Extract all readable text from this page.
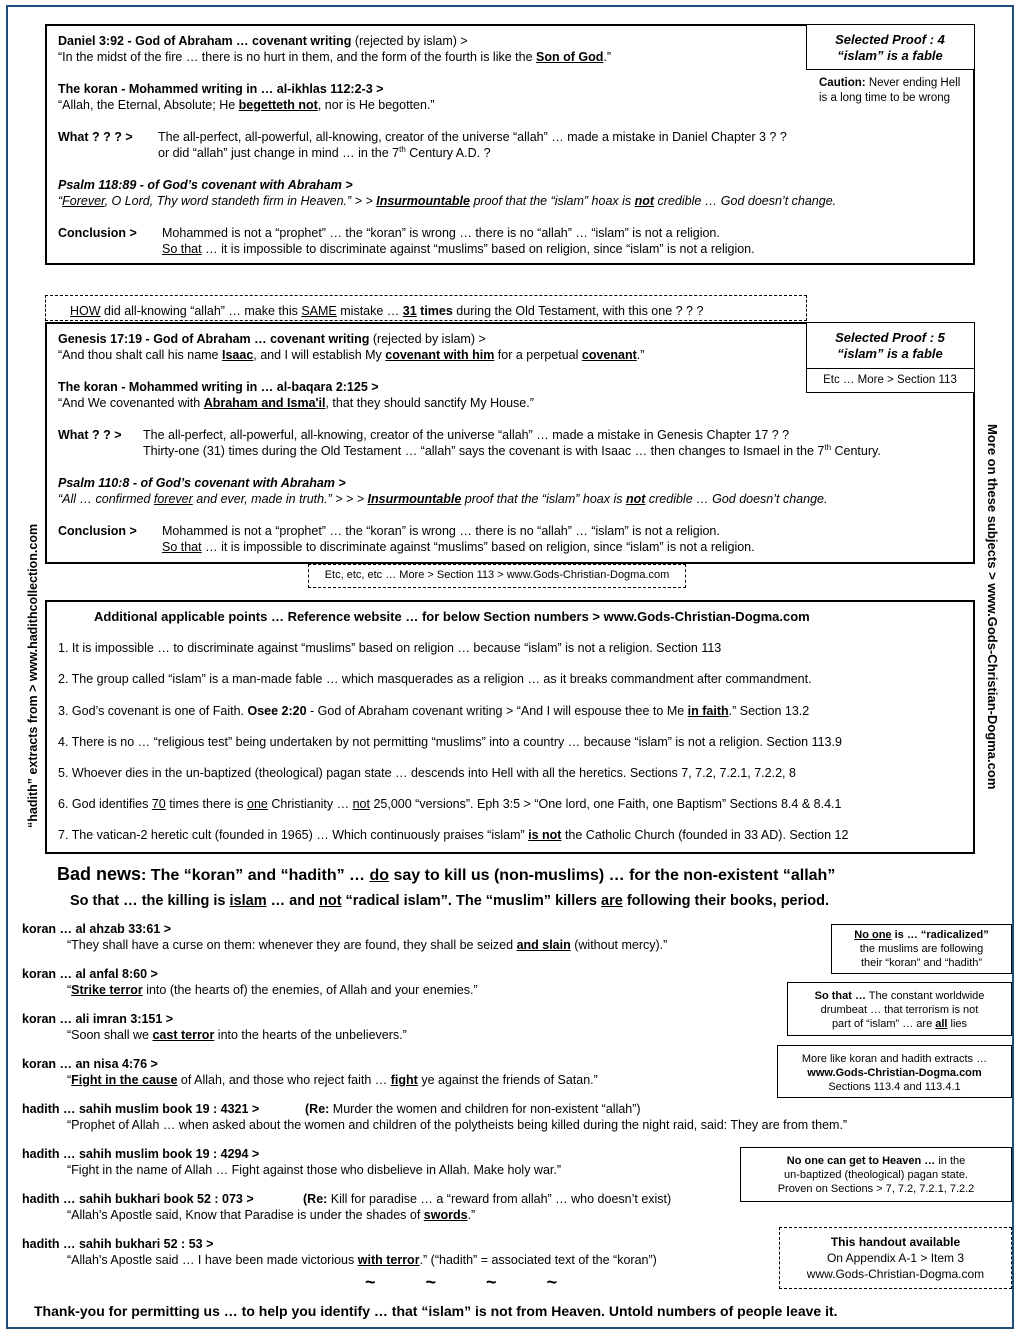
Selected Proof : 4
“islam” is a fable
Caution: Never ending Hell
is a long time to be wrong
Daniel 3:92 - God of Abraham … covenant writing (rejected by islam) >
“In the midst of the fire … there is no hurt in them, and the form of the fourth is like the Son of God.”
The koran - Mohammed writing in … al-ikhlas 112:2-3 >
“Allah, the Eternal, Absolute; He begetteth not, nor is He begotten.”
What ? ? ? > The all-perfect, all-powerful, all-knowing, creator of the universe “allah” … made a mistake in Daniel Chapter 3 ? ?
or did “allah” just change in mind … in the 7th Century A.D. ?
Psalm 118:89 - of God’s covenant with Abraham >
“Forever, O Lord, Thy word standeth firm in Heaven.” > > Insurmountable proof that the “islam” hoax is not credible … God doesn’t change.
Conclusion > Mohammed is not a “prophet” … the “koran” is wrong … there is no “allah” … “islam” is not a religion.
So that … it is impossible to discriminate against “muslims” based on religion, since “islam” is not a religion.
HOW did all-knowing “allah” … make this SAME mistake … 31 times during the Old Testament, with this one ? ? ?
Selected Proof : 5
“islam” is a fable
Etc … More > Section 113
Genesis 17:19 - God of Abraham … covenant writing (rejected by islam) >
“And thou shalt call his name Isaac, and I will establish My covenant with him for a perpetual covenant.”
The koran - Mohammed writing in … al-baqara 2:125 >
“And We covenanted with Abraham and Isma'il, that they should sanctify My House.”
What ? ? > The all-perfect, all-powerful, all-knowing, creator of the universe “allah” … made a mistake in Genesis Chapter 17 ? ?
Thirty-one (31) times during the Old Testament … “allah” says the covenant is with Isaac … then changes to Ismael in the 7th Century.
Psalm 110:8 - of God’s covenant with Abraham >
“All … confirmed forever and ever, made in truth.” > > > Insurmountable proof that the “islam” hoax is not credible … God doesn’t change.
Conclusion > Mohammed is not a “prophet” … the “koran” is wrong … there is no “allah” … “islam” is not a religion.
So that … it is impossible to discriminate against “muslims” based on religion, since “islam” is not a religion.
Etc, etc, etc … More > Section 113 > www.Gods-Christian-Dogma.com
Additional applicable points … Reference website … for below Section numbers > www.Gods-Christian-Dogma.com
1. It is impossible … to discriminate against “muslims” based on religion … because “islam” is not a religion. Section 113
2. The group called “islam” is a man-made fable … which masquerades as a religion … as it breaks commandment after commandment.
3. God’s covenant is one of Faith. Osee 2:20 - God of Abraham covenant writing > “And I will espouse thee to Me in faith.” Section 13.2
4. There is no … “religious test” being undertaken by not permitting “muslims” into a country … because “islam” is not a religion. Section 113.9
5. Whoever dies in the un-baptized (theological) pagan state … descends into Hell with all the heretics. Sections 7, 7.2, 7.2.1, 7.2.2, 8
6. God identifies 70 times there is one Christianity … not 25,000 “versions”. Eph 3:5 > “One lord, one Faith, one Baptism” Sections 8.4 & 8.4.1
7. The vatican-2 heretic cult (founded in 1965) … Which continuously praises “islam” is not the Catholic Church (founded in 33 AD). Section 12
Bad news: The “koran” and “hadith” … do say to kill us (non-muslims) … for the non-existent “allah”
So that … the killing is islam … and not “radical islam”. The “muslim” killers are following their books, period.
koran … al ahzab 33:61 >
“They shall have a curse on them: whenever they are found, they shall be seized and slain (without mercy).”
koran … al anfal 8:60 >
“Strike terror into (the hearts of) the enemies, of Allah and your enemies.”
koran … ali imran 3:151 >
“Soon shall we cast terror into the hearts of the unbelievers.”
koran … an nisa 4:76 >
“Fight in the cause of Allah, and those who reject faith … fight ye against the friends of Satan.”
hadith … sahih muslim book 19 : 4321 >	(Re: Murder the women and children for non-existent “allah”)
“Prophet of Allah … when asked about the women and children of the polytheists being killed during the night raid, said: They are from them.”
hadith … sahih muslim book 19 : 4294 >
“Fight in the name of Allah … Fight against those who disbelieve in Allah. Make holy war.”
hadith … sahih bukhari book 52 : 073 >	(Re: Kill for paradise … a “reward from allah” … who doesn’t exist)
“Allah's Apostle said, Know that Paradise is under the shades of swords.”
hadith … sahih bukhari 52 : 53 >
“Allah's Apostle said … I have been made victorious with terror.” (“hadith” = associated text of the “koran”)
No one is … “radicalized”
the muslims are following
their “koran” and “hadith”
So that … The constant worldwide
drumbeat … that terrorism is not
part of “islam” … are all lies
More like koran and hadith extracts …
www.Gods-Christian-Dogma.com
Sections 113.4 and 113.4.1
No one can get to Heaven … in the
un-baptized (theological) pagan state.
Proven on Sections > 7, 7.2, 7.2.1, 7.2.2
This handout available
On Appendix A-1 > Item 3
www.Gods-Christian-Dogma.com
~          ~          ~          ~
Thank-you for permitting us … to help you identify … that “islam” is not from Heaven. Untold numbers of people leave it.
“hadith” extracts from > www.hadithcollection.com	More on these subjects > www.Gods-Christian-Dogma.com
